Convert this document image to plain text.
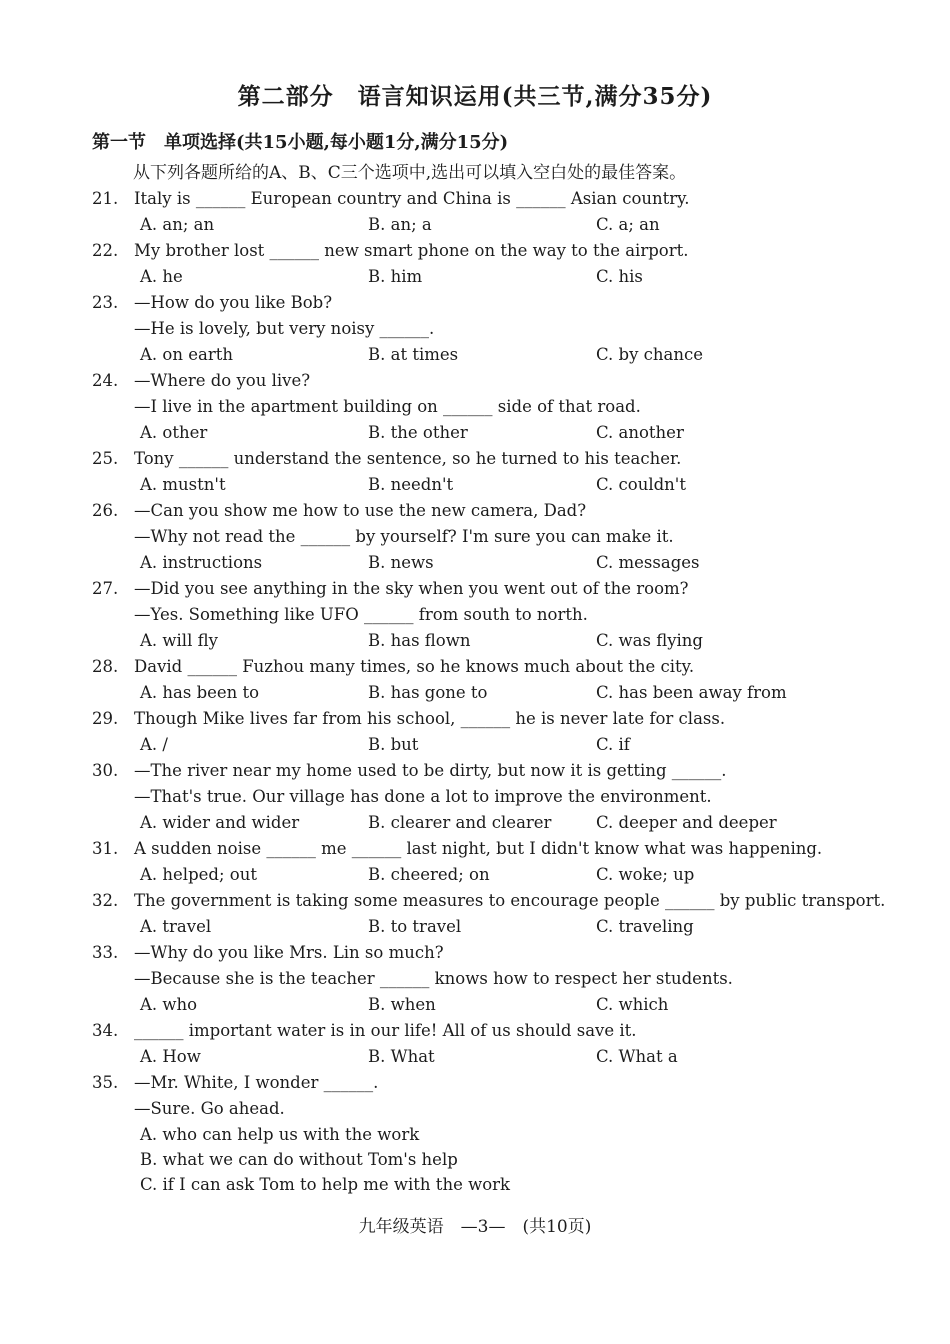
第二部分　语言知识运用(共三节,满分35分)
第一节　单项选择(共15小题,每小题1分,满分15分)
从下列各题所给的A、B、C三个选项中,选出可以填入空白处的最佳答案。
21. Italy is ______ European country and China is ______ Asian country.
A. an; an	B. an; a	C. a; an
22. My brother lost ______ new smart phone on the way to the airport.
A. he	B. him	C. his
23. —How do you like Bob?
—He is lovely, but very noisy ______.
A. on earth	B. at times	C. by chance
24. —Where do you live?
—I live in the apartment building on ______ side of that road.
A. other	B. the other	C. another
25. Tony ______ understand the sentence, so he turned to his teacher.
A. mustn't	B. needn't	C. couldn't
26. —Can you show me how to use the new camera, Dad?
—Why not read the ______ by yourself? I'm sure you can make it.
A. instructions	B. news	C. messages
27. —Did you see anything in the sky when you went out of the room?
—Yes. Something like UFO ______ from south to north.
A. will fly	B. has flown	C. was flying
28. David ______ Fuzhou many times, so he knows much about the city.
A. has been to	B. has gone to	C. has been away from
29. Though Mike lives far from his school, ______ he is never late for class.
A. /	B. but	C. if
30. —The river near my home used to be dirty, but now it is getting ______.
—That's true. Our village has done a lot to improve the environment.
A. wider and wider	B. clearer and clearer	C. deeper and deeper
31. A sudden noise ______ me ______ last night, but I didn't know what was happening.
A. helped; out	B. cheered; on	C. woke; up
32. The government is taking some measures to encourage people ______ by public transport.
A. travel	B. to travel	C. traveling
33. —Why do you like Mrs. Lin so much?
—Because she is the teacher ______ knows how to respect her students.
A. who	B. when	C. which
34. ______ important water is in our life! All of us should save it.
A. How	B. What	C. What a
35. —Mr. White, I wonder ______.
—Sure. Go ahead.
A. who can help us with the work
B. what we can do without Tom's help
C. if I can ask Tom to help me with the work
九年级英语　—3—　(共10页)
